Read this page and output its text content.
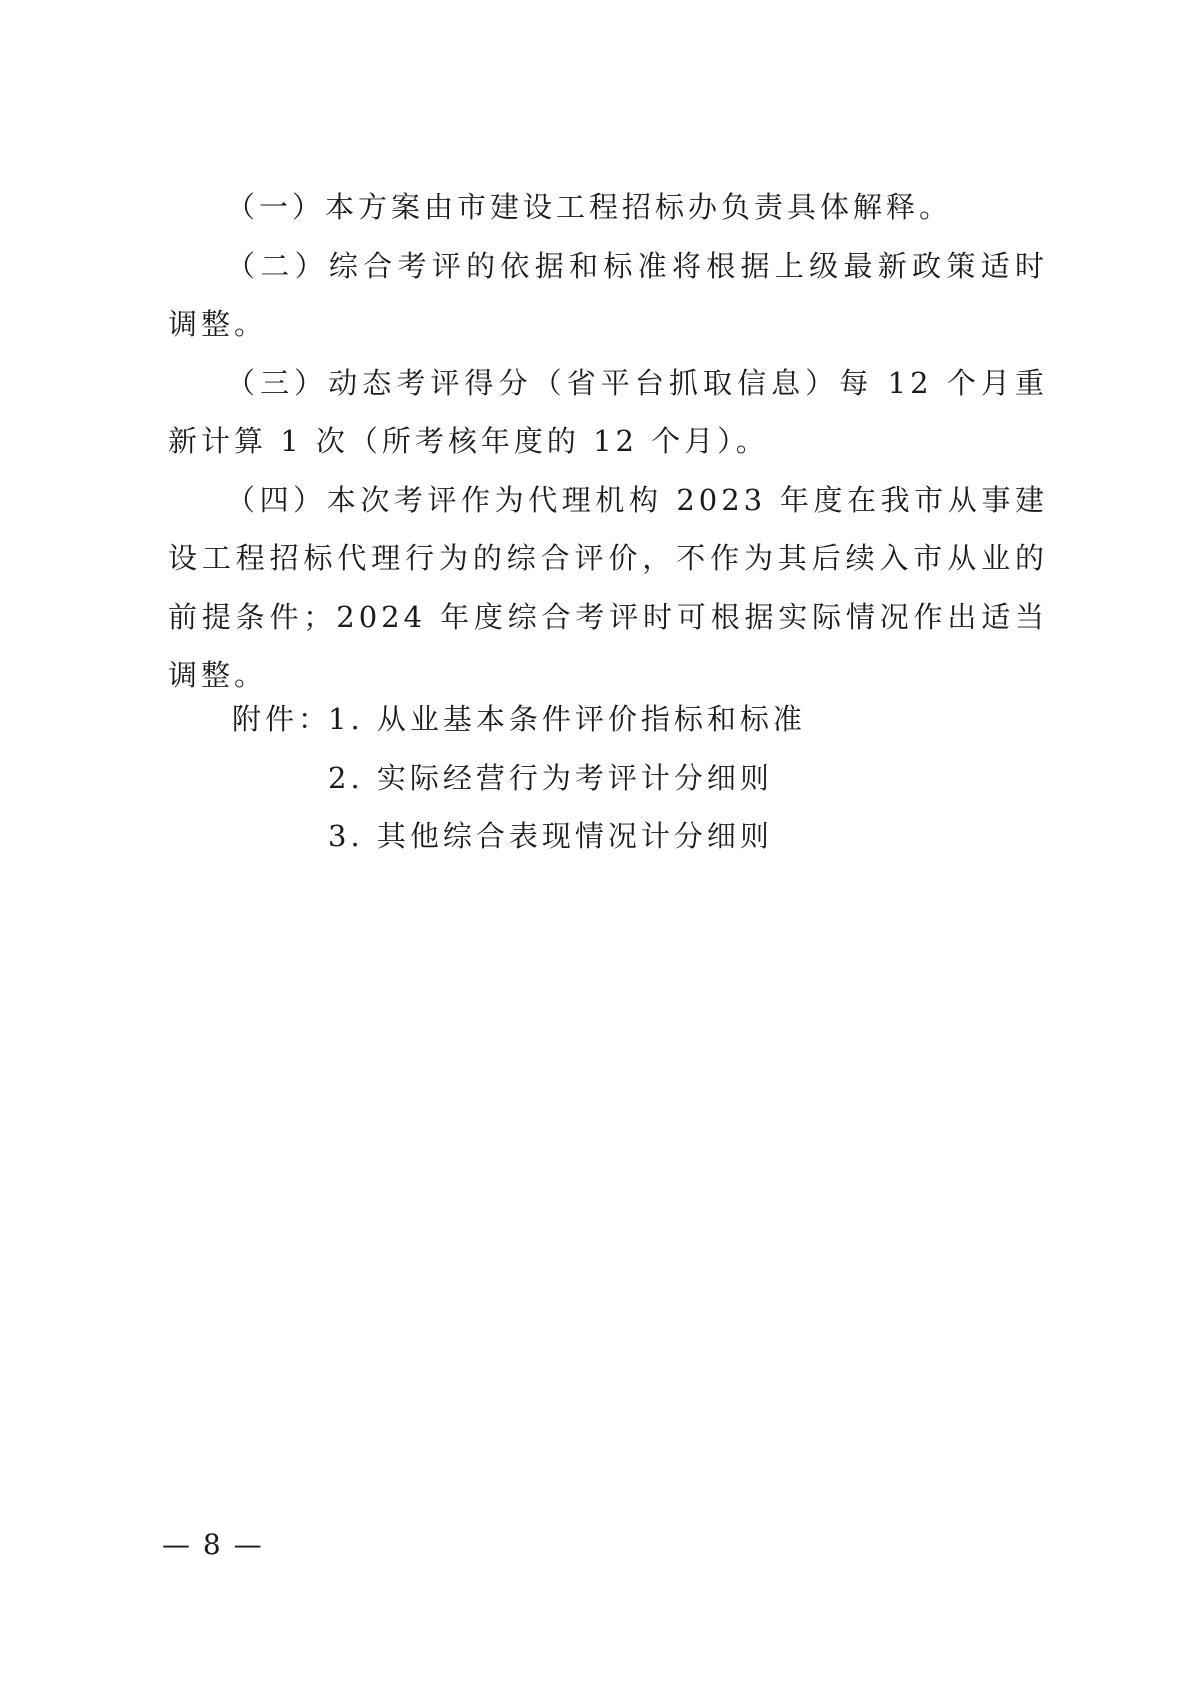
（一）本方案由市建设工程招标办负责具体解释。

（二）综合考评的依据和标准将根据上级最新政策适时调整。

（三）动态考评得分（省平台抓取信息）每 12 个月重新计算 1 次（所考核年度的 12 个月）。

（四）本次考评作为代理机构 2023 年度在我市从事建设工程招标代理行为的综合评价，不作为其后续入市从业的前提条件；2024 年度综合考评时可根据实际情况作出适当调整。

附件：
1. 从业基本条件评价指标和标准
2. 实际经营行为考评计分细则
3. 其他综合表现情况计分细则
— 8 —
